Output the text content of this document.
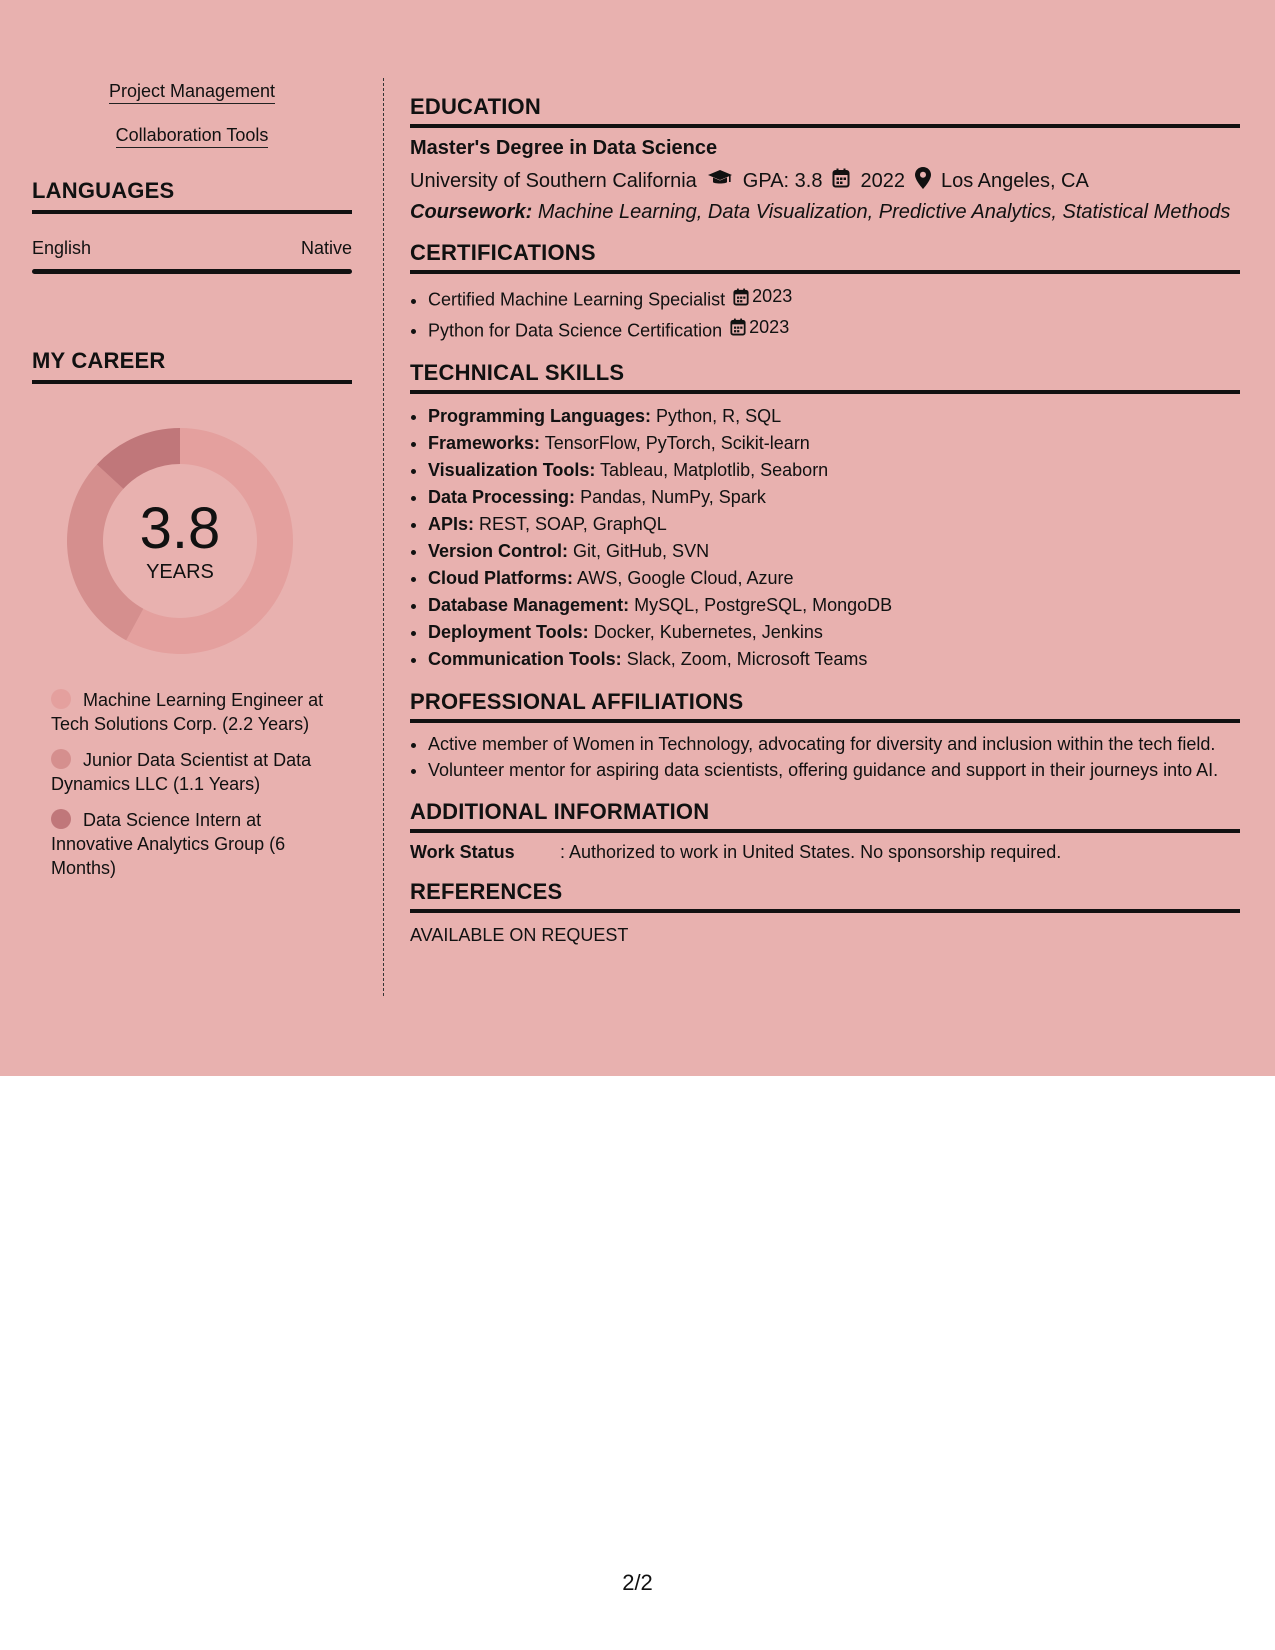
Project Management
Collaboration Tools
LANGUAGES
English	Native
MY CAREER
3.8
YEARS
Machine Learning Engineer at Tech Solutions Corp. (2.2 Years)
Junior Data Scientist at Data Dynamics LLC (1.1 Years)
Data Science Intern at Innovative Analytics Group (6 Months)
EDUCATION
Master's Degree in Data Science
University of Southern California GPA: 3.8 2022 Los Angeles, CA
Coursework: Machine Learning, Data Visualization, Predictive Analytics, Statistical Methods
CERTIFICATIONS
• Certified Machine Learning Specialist 2023
• Python for Data Science Certification 2023
TECHNICAL SKILLS
• Programming Languages: Python, R, SQL
• Frameworks: TensorFlow, PyTorch, Scikit-learn
• Visualization Tools: Tableau, Matplotlib, Seaborn
• Data Processing: Pandas, NumPy, Spark
• APIs: REST, SOAP, GraphQL
• Version Control: Git, GitHub, SVN
• Cloud Platforms: AWS, Google Cloud, Azure
• Database Management: MySQL, PostgreSQL, MongoDB
• Deployment Tools: Docker, Kubernetes, Jenkins
• Communication Tools: Slack, Zoom, Microsoft Teams
PROFESSIONAL AFFILIATIONS
• Active member of Women in Technology, advocating for diversity and inclusion within the tech field.
• Volunteer mentor for aspiring data scientists, offering guidance and support in their journeys into AI.
ADDITIONAL INFORMATION
Work Status	: Authorized to work in United States. No sponsorship required.
REFERENCES
AVAILABLE ON REQUEST
2/2
